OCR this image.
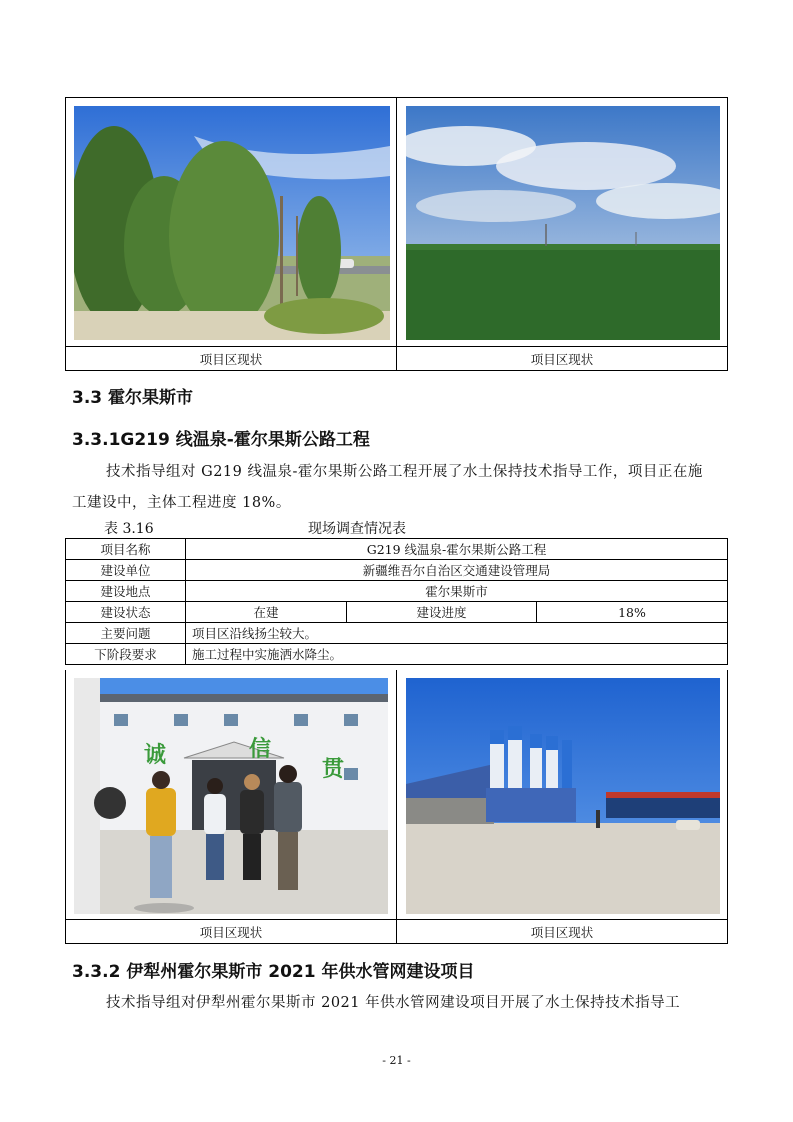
项目区现状	项目区现状
3.3 霍尔果斯市
3.3.1G219 线温泉-霍尔果斯公路工程
技术指导组对 G219 线温泉-霍尔果斯公路工程开展了水土保持技术指导工作，项目正在施
工建设中，主体工程进度 18%。
表 3.16	现场调查情况表
项目名称	G219 线温泉-霍尔果斯公路工程		
建设单位	新疆维吾尔自治区交通建设管理局		
建设地点	霍尔果斯市		
建设状态	在建	建设进度	18%
主要问题	项目区沿线扬尘较大。		
下阶段要求	施工过程中实施洒水降尘。		
诚	信
贯
项目区现状	项目区现状
3.3.2 伊犁州霍尔果斯市 2021 年供水管网建设项目
技术指导组对伊犁州霍尔果斯市 2021 年供水管网建设项目开展了水土保持技术指导工
- 21 -
